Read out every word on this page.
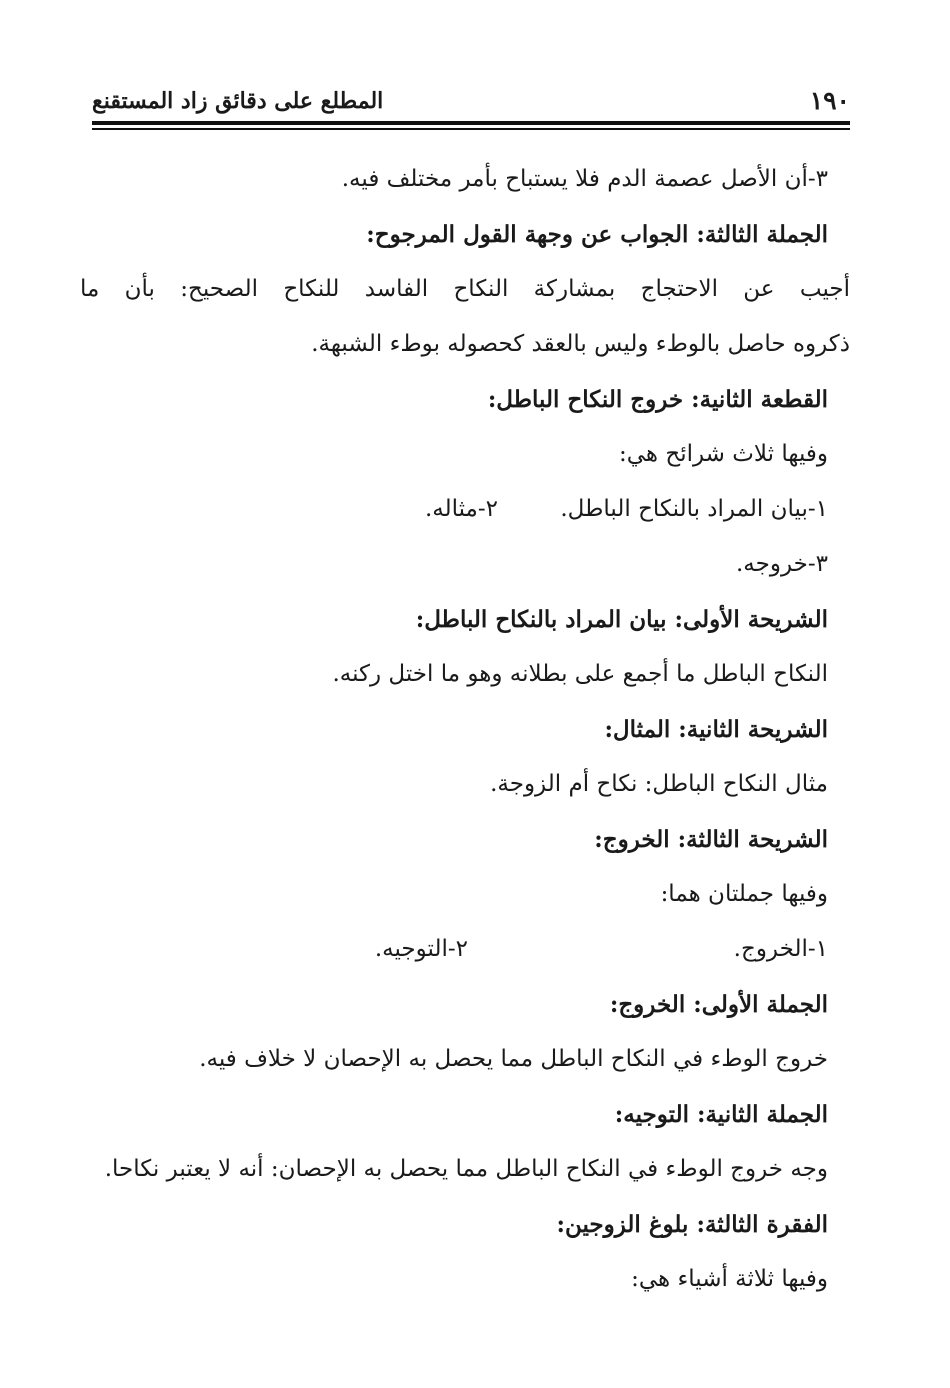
١٩٠
المطلع على دقائق زاد المستقنع
٣-أن الأصل عصمة الدم فلا يستباح بأمر مختلف فيه.
الجملة الثالثة: الجواب عن وجهة القول المرجوح:
أجيب عن الاحتجاج بمشاركة النكاح الفاسد للنكاح الصحيح: بأن ما
ذكروه حاصل بالوطء وليس بالعقد كحصوله بوطء الشبهة.
القطعة الثانية: خروج النكاح الباطل:
وفيها ثلاث شرائح هي:
١-بيان المراد بالنكاح الباطل.
٢-مثاله.
٣-خروجه.
الشريحة الأولى: بيان المراد بالنكاح الباطل:
النكاح الباطل ما أجمع على بطلانه وهو ما اختل ركنه.
الشريحة الثانية: المثال:
مثال النكاح الباطل: نكاح أم الزوجة.
الشريحة الثالثة: الخروج:
وفيها جملتان هما:
١-الخروج.
٢-التوجيه.
الجملة الأولى: الخروج:
خروج الوطء في النكاح الباطل مما يحصل به الإحصان لا خلاف فيه.
الجملة الثانية: التوجيه:
وجه خروج الوطء في النكاح الباطل مما يحصل به الإحصان: أنه لا يعتبر نكاحا.
الفقرة الثالثة: بلوغ الزوجين:
وفيها ثلاثة أشياء هي:
